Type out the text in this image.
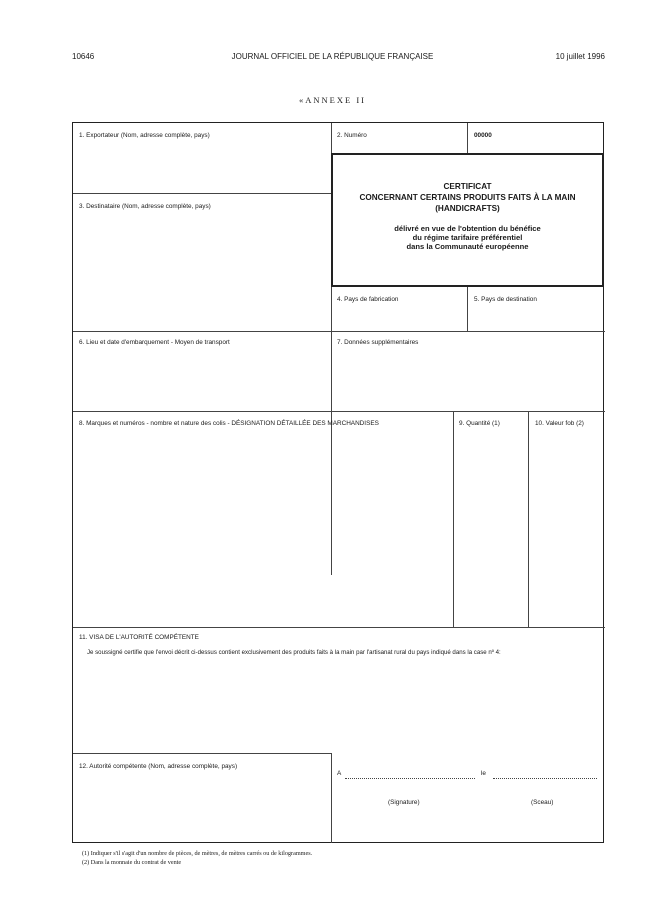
10646	JOURNAL OFFICIEL DE LA RÉPUBLIQUE FRANÇAISE	10 juillet 1996
«ANNEXE II
1. Exportateur (Nom, adresse complète, pays)	2. Numéro	00000
3. Destinataire (Nom, adresse complète, pays)
CERTIFICAT
CONCERNANT CERTAINS PRODUITS FAITS À LA MAIN
(HANDICRAFTS)
délivré en vue de l'obtention du bénéfice
du régime tarifaire préférentiel
dans la Communauté européenne
4. Pays de fabrication	5. Pays de destination
6. Lieu et date d'embarquement - Moyen de transport	7. Données supplémentaires
8. Marques et numéros - nombre et nature des colis - DÉSIGNATION DÉTAILLÉE DES MARCHANDISES	9. Quantité (1)	10. Valeur fob (2)
11. VISA DE L'AUTORITÉ COMPÉTENTE
Je soussigné certifie que l'envoi décrit ci-dessus contient exclusivement des produits faits à la main par l'artisanat rural du pays indiqué dans la case nº 4:
12. Autorité compétente (Nom, adresse complète, pays)
A	le
(Signature)	(Sceau)
(1) Indiquer s'il s'agit d'un nombre de pièces, de mètres, de mètres carrés ou de kilogrammes.
(2) Dans la monnaie du contrat de vente
